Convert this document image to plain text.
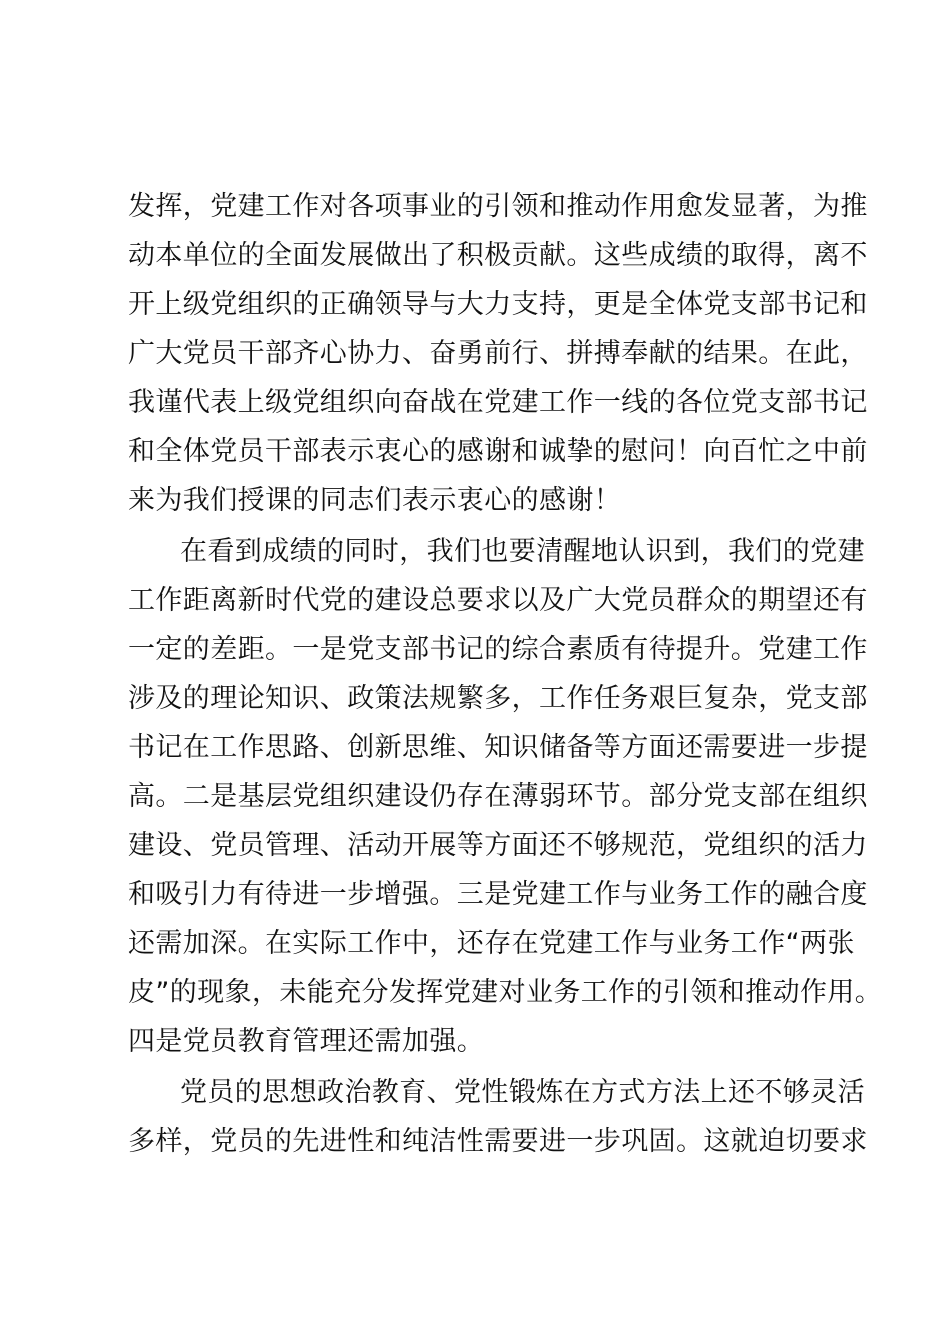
发挥，党建工作对各项事业的引领和推动作用愈发显著，为推
动本单位的全面发展做出了积极贡献。这些成绩的取得，离不
开上级党组织的正确领导与大力支持，更是全体党支部书记和
广大党员干部齐心协力、奋勇前行、拼搏奉献的结果。在此，
我谨代表上级党组织向奋战在党建工作一线的各位党支部书记
和全体党员干部表示衷心的感谢和诚挚的慰问！向百忙之中前
来为我们授课的同志们表示衷心的感谢！
在看到成绩的同时，我们也要清醒地认识到，我们的党建
工作距离新时代党的建设总要求以及广大党员群众的期望还有
一定的差距。一是党支部书记的综合素质有待提升。党建工作
涉及的理论知识、政策法规繁多，工作任务艰巨复杂，党支部
书记在工作思路、创新思维、知识储备等方面还需要进一步提
高。二是基层党组织建设仍存在薄弱环节。部分党支部在组织
建设、党员管理、活动开展等方面还不够规范，党组织的活力
和吸引力有待进一步增强。三是党建工作与业务工作的融合度
还需加深。在实际工作中，还存在党建工作与业务工作“两张
皮”的现象，未能充分发挥党建对业务工作的引领和推动作用。
四是党员教育管理还需加强。
党员的思想政治教育、党性锻炼在方式方法上还不够灵活
多样，党员的先进性和纯洁性需要进一步巩固。这就迫切要求
